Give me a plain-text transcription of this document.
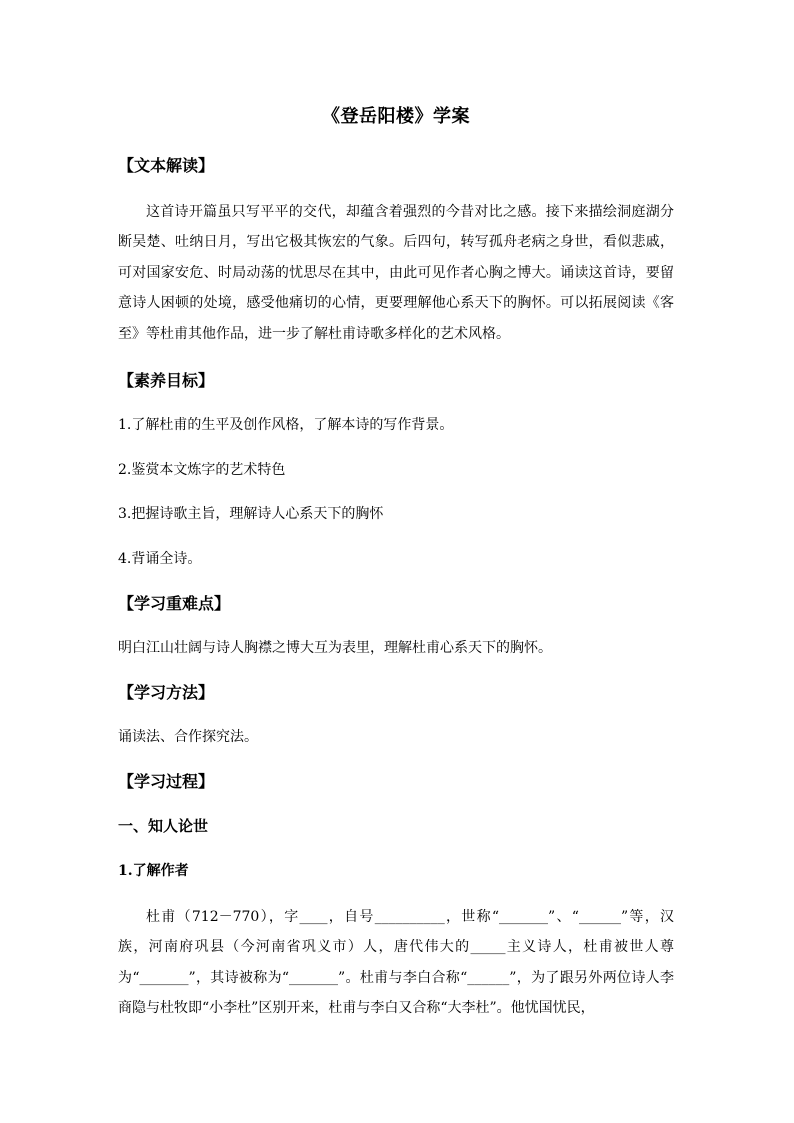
《登岳阳楼》学案
【文本解读】
这首诗开篇虽只写平平的交代，却蕴含着强烈的今昔对比之感。接下来描绘洞庭湖分断吴楚、吐纳日月，写出它极其恢宏的气象。后四句，转写孤舟老病之身世，看似悲戚，可对国家安危、时局动荡的忧思尽在其中，由此可见作者心胸之博大。诵读这首诗，要留意诗人困顿的处境，感受他痛切的心情，更要理解他心系天下的胸怀。可以拓展阅读《客至》等杜甫其他作品，进一步了解杜甫诗歌多样化的艺术风格。
【素养目标】
1.了解杜甫的生平及创作风格，了解本诗的写作背景。
2.鉴赏本文炼字的艺术特色
3.把握诗歌主旨，理解诗人心系天下的胸怀
4.背诵全诗。
【学习重难点】
明白江山壮阔与诗人胸襟之博大互为表里，理解杜甫心系天下的胸怀。
【学习方法】
诵读法、合作探究法。
【学习过程】
一、知人论世
1.了解作者
杜甫（712－770），字____，自号__________，世称“_______”、“______”等，汉族，河南府巩县（今河南省巩义市）人，唐代伟大的_____主义诗人，杜甫被世人尊为“_______”，其诗被称为“_______”。杜甫与李白合称“______”，为了跟另外两位诗人李商隐与杜牧即“小李杜”区别开来，杜甫与李白又合称“大李杜”。他忧国忧民，
